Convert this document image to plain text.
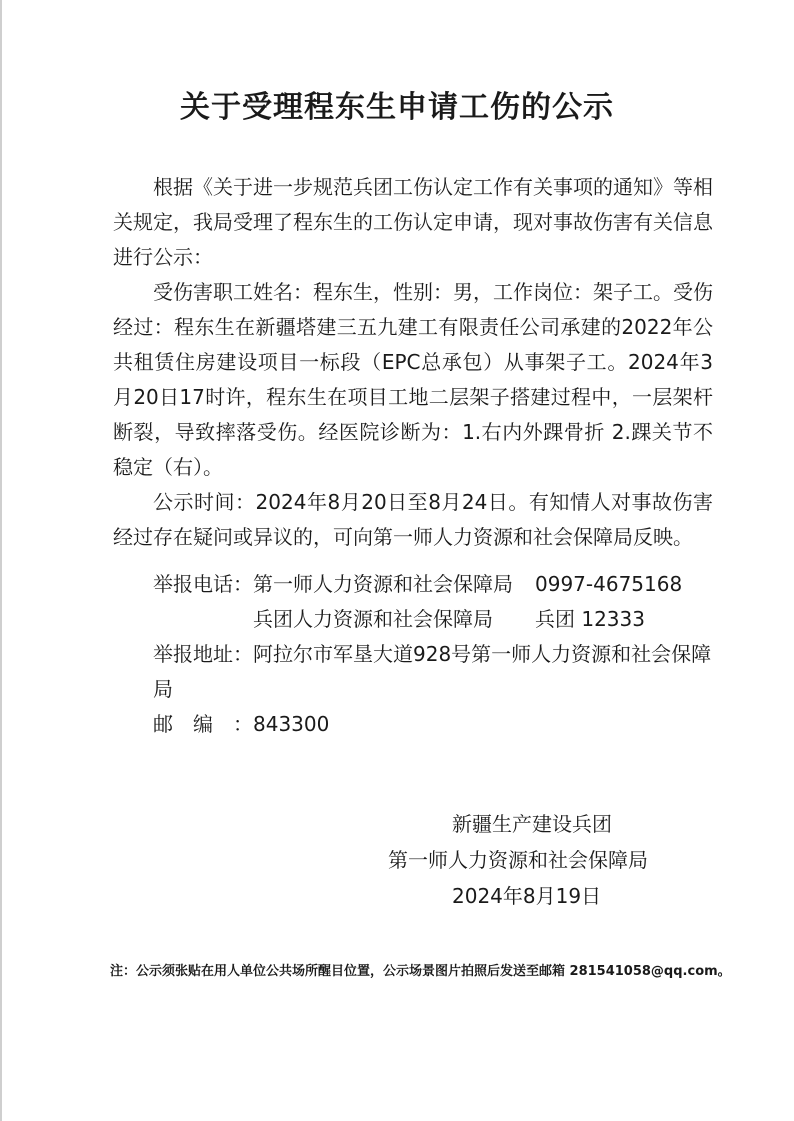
关于受理程东生申请工伤的公示

根据《关于进一步规范兵团工伤认定工作有关事项的通知》等相关规定，我局受理了程东生的工伤认定申请，现对事故伤害有关信息进行公示：

受伤害职工姓名：程东生，性别：男，工作岗位：架子工。受伤经过：程东生在新疆塔建三五九建工有限责任公司承建的2022年公共租赁住房建设项目一标段（EPC总承包）从事架子工。2024年3月20日17时许，程东生在项目工地二层架子搭建过程中，一层架杆断裂，导致摔落受伤。经医院诊断为：1.右内外踝骨折 2.踝关节不稳定（右）。

公示时间：2024年8月20日至8月24日。有知情人对事故伤害经过存在疑问或异议的，可向第一师人力资源和社会保障局反映。

举报电话：第一师人力资源和社会保障局 0997-4675168
兵团人力资源和社会保障局 兵团 12333
举报地址：阿拉尔市军垦大道928号第一师人力资源和社会保障局
邮编：843300
新疆生产建设兵团
第一师人力资源和社会保障局
2024年8月19日
注：公示须张贴在用人单位公共场所醒目位置，公示场景图片拍照后发送至邮箱 281541058@qq.com。
